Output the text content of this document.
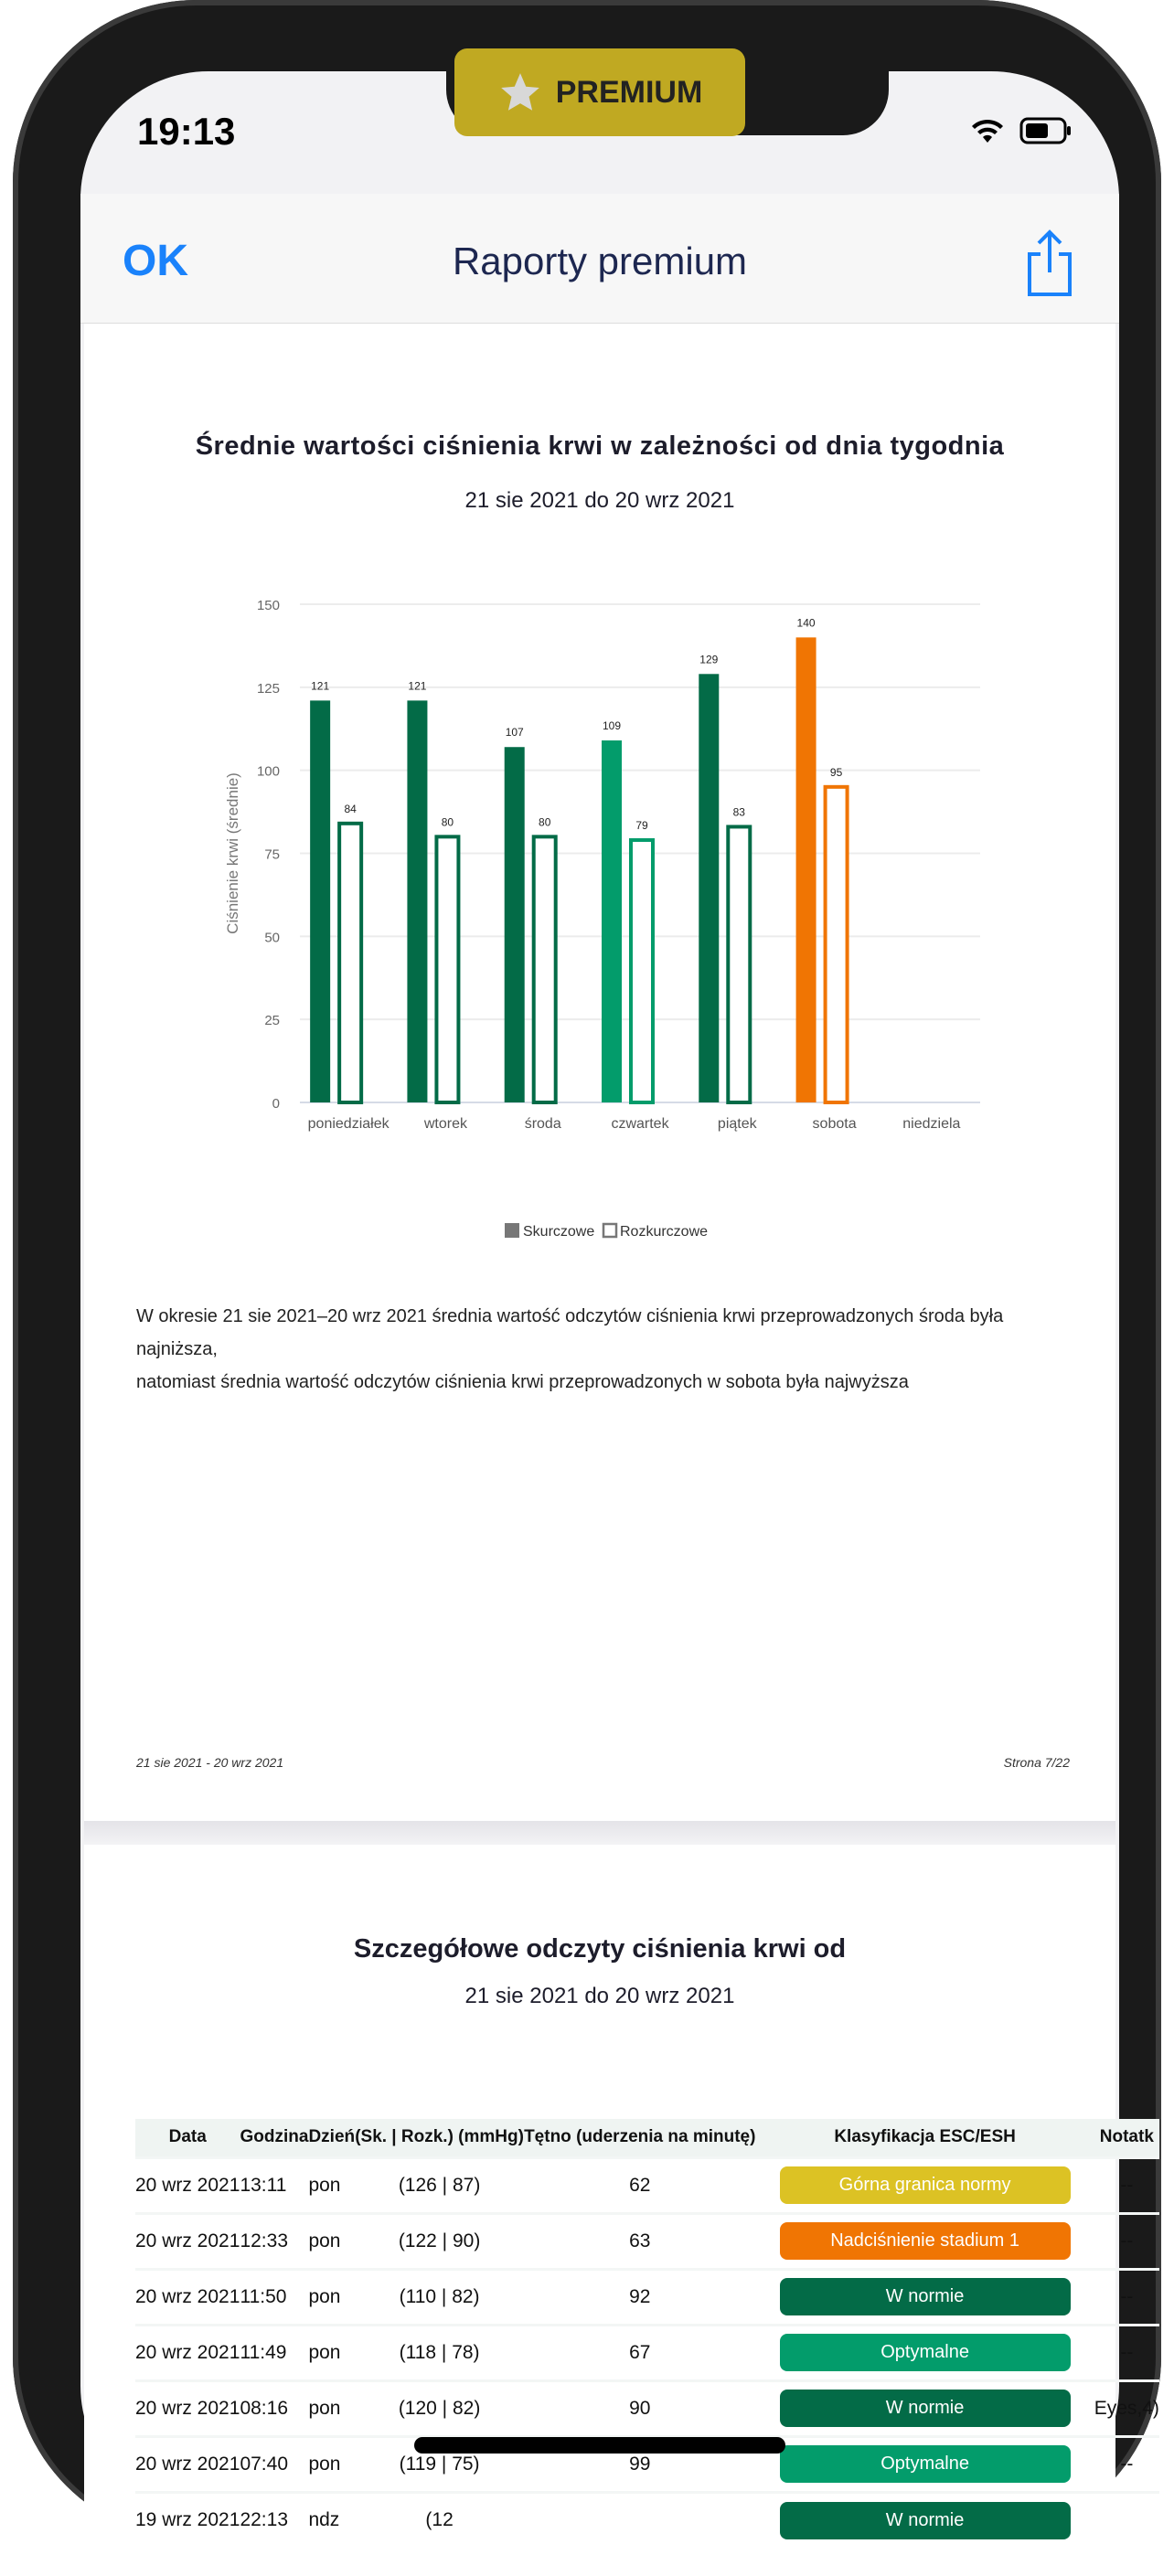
19:13
PREMIUM
OK	Raporty premium
Średnie wartości ciśnienia krwi w zależności od dnia tygodnia
21 sie 2021 do 20 wrz 2021
0
25
50
75
100
125
150
Ciśnienie krwi (średnie)
poniedziałek
121
84
wtorek
121
80
środa
107
80
czwartek
109
79
piątek
129
83
sobota
140
95
niedziela
Skurczowe Rozkurczowe
W okresie 21 sie 2021–20 wrz 2021 średnia wartość odczytów ciśnienia krwi przeprowadzonych środa była najniższa,
natomiast średnia wartość odczytów ciśnienia krwi przeprowadzonych w sobota była najwyższa
21 sie 2021 - 20 wrz 2021	Strona 7/22
Szczegółowe odczyty ciśnienia krwi od
21 sie 2021 do 20 wrz 2021
Data	Godzina	Dzień	(Sk. | Rozk.) (mmHg)	Tętno (uderzenia na minutę)	Klasyfikacja ESC/ESH	Notatk
20 wrz 2021	13:11	pon	(126 | 87)	62	Górna granica normy	--
20 wrz 2021	12:33	pon	(122 | 90)	63	Nadciśnienie stadium 1	--
20 wrz 2021	11:50	pon	(110 | 82)	92	W normie	--
20 wrz 2021	11:49	pon	(118 | 78)	67	Optymalne	--
20 wrz 2021	08:16	pon	(120 | 82)	90	W normie	Eyes,4)
20 wrz 2021	07:40	pon	(119 | 75)	99	Optymalne	--
19 wrz 2021	22:13	ndz	(12		W normie	
